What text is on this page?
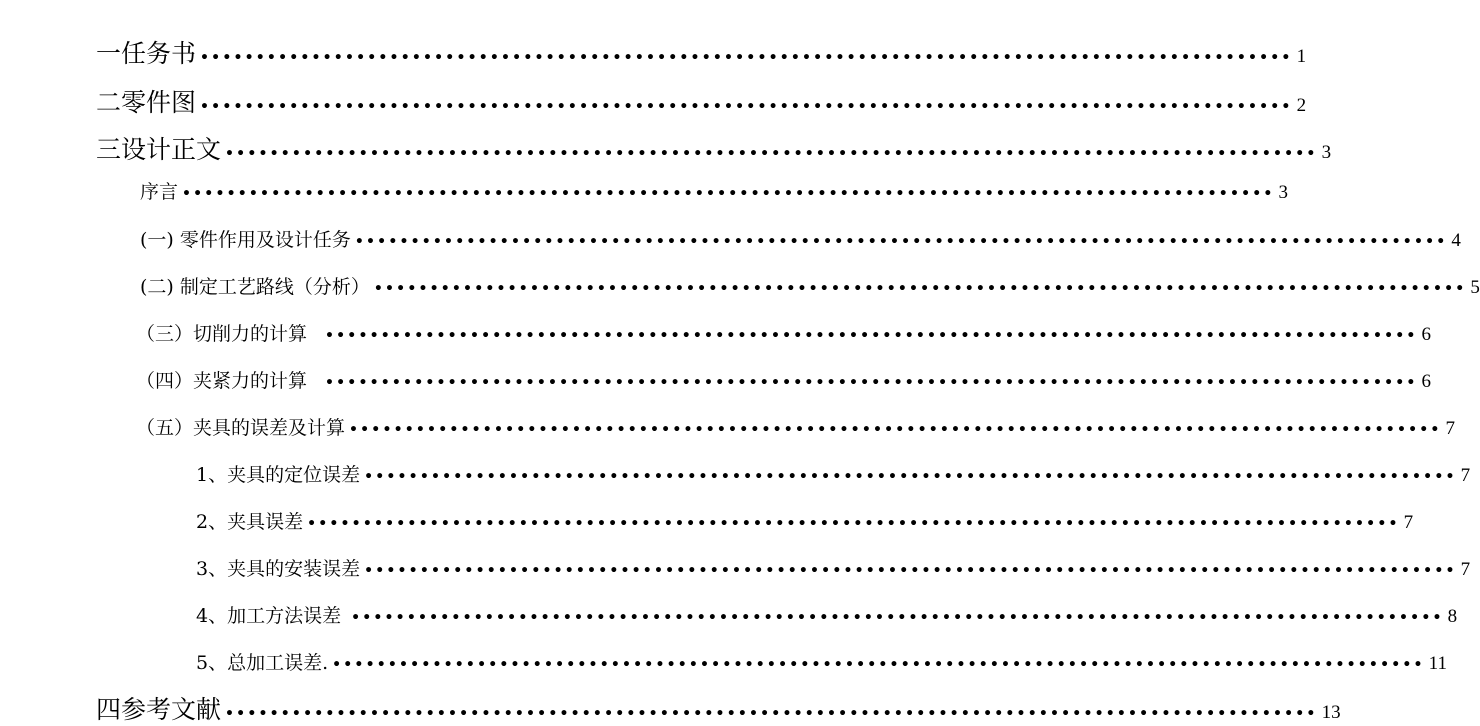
一 任务书 •••••••••••••••••••••••••••••••••••••••••••••••••••••••••••••••••••••••••••••••••••••••••••••••••• 1
二 零件图 •••••••••••••••••••••••••••••••••••••••••••••••••••••••••••••••••••••••••••••••••••••••••••••••••• 2
三 设计正文 •••••••••••••••••••••••••••••••••••••••••••••••••••••••••••••••••••••••••••••••••••••••••••••••••• 3
序言 •••••••••••••••••••••••••••••••••••••••••••••••••••••••••••••••••••••••••••••••••••••••••••••••••• 3
(一) 零件作用及设计任务 •••••••••••••••••••••••••••••••••••••••••••••••••••••••••••••••••••••••••••••••••••••••••••••••••• 4
(二) 制定工艺路线（分析） •••••••••••••••••••••••••••••••••••••••••••••••••••••••••••••••••••••••••••••••••••••••••••••••••• 5
（三）切削力的计算 •••••••••••••••••••••••••••••••••••••••••••••••••••••••••••••••••••••••••••••••••••••••••••••••••• 6
（四）夹紧力的计算 •••••••••••••••••••••••••••••••••••••••••••••••••••••••••••••••••••••••••••••••••••••••••••••••••• 6
（五）夹具的误差及计算 •••••••••••••••••••••••••••••••••••••••••••••••••••••••••••••••••••••••••••••••••••••••••••••••••• 7
1、夹具的定位误差 •••••••••••••••••••••••••••••••••••••••••••••••••••••••••••••••••••••••••••••••••••••••••••••••••• 7
2、夹具误差 •••••••••••••••••••••••••••••••••••••••••••••••••••••••••••••••••••••••••••••••••••••••••••••••••• 7
3、夹具的安装误差 •••••••••••••••••••••••••••••••••••••••••••••••••••••••••••••••••••••••••••••••••••••••••••••••••• 7
4、加工方法误差 •••••••••••••••••••••••••••••••••••••••••••••••••••••••••••••••••••••••••••••••••••••••••••••••••• 8
5、总加工误差. •••••••••••••••••••••••••••••••••••••••••••••••••••••••••••••••••••••••••••••••••••••••••••••••••• 11
四 参考文献 •••••••••••••••••••••••••••••••••••••••••••••••••••••••••••••••••••••••••••••••••••••••••••••••••• 13
